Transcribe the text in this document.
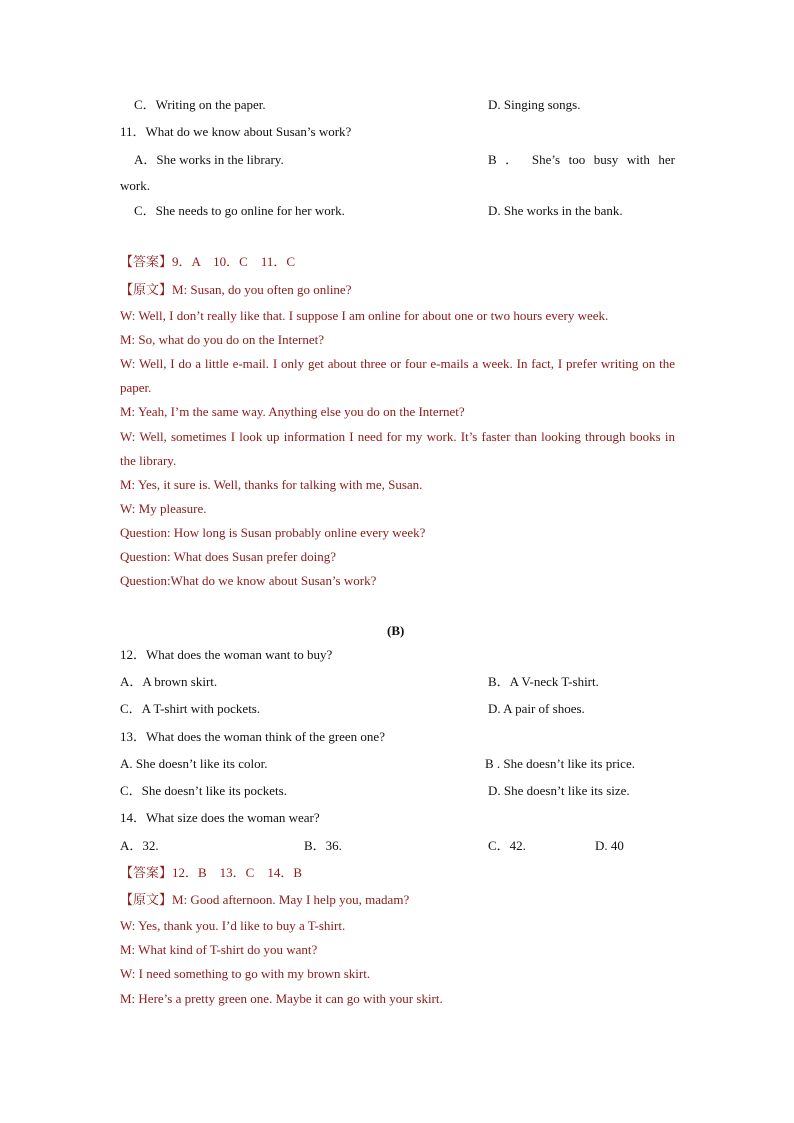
C．Writing on the paper.	D. Singing songs.
11．What do we know about Susan’s work?
A．She works in the library.	B ． She’s too busy with her
work.
C．She needs to go online for her work.	D. She works in the bank.
【答案】9．A　10．C　11．C
【原文】M: Susan, do you often go online?
W: Well, I don’t really like that. I suppose I am online for about one or two hours every week.
M: So, what do you do on the Internet?
W: Well, I do a little e-mail. I only get about three or four e-mails a week. In fact, I prefer writing on the paper.
M: Yeah, I’m the same way. Anything else you do on the Internet?
W: Well, sometimes I look up information I need for my work. It’s faster than looking through books in the library.
M: Yes, it sure is. Well, thanks for talking with me, Susan.
W: My pleasure.
Question: How long is Susan probably online every week?
Question: What does Susan prefer doing?
Question:What do we know about Susan’s work?
(B)
12．What does the woman want to buy?
A．A brown skirt.	B．A V-neck T-shirt.
C．A T-shirt with pockets.	D. A pair of shoes.
13．What does the woman think of the green one?
A. She doesn’t like its color.	B . She doesn’t like its price.
C．She doesn’t like its pockets.	D. She doesn’t like its size.
14．What size does the woman wear?
A．32.	B．36.	C．42.	D. 40
【答案】12．B　13．C　14．B
【原文】M: Good afternoon. May I help you, madam?
W: Yes, thank you. I’d like to buy a T-shirt.
M: What kind of T-shirt do you want?
W: I need something to go with my brown skirt.
M: Here’s a pretty green one. Maybe it can go with your skirt.
